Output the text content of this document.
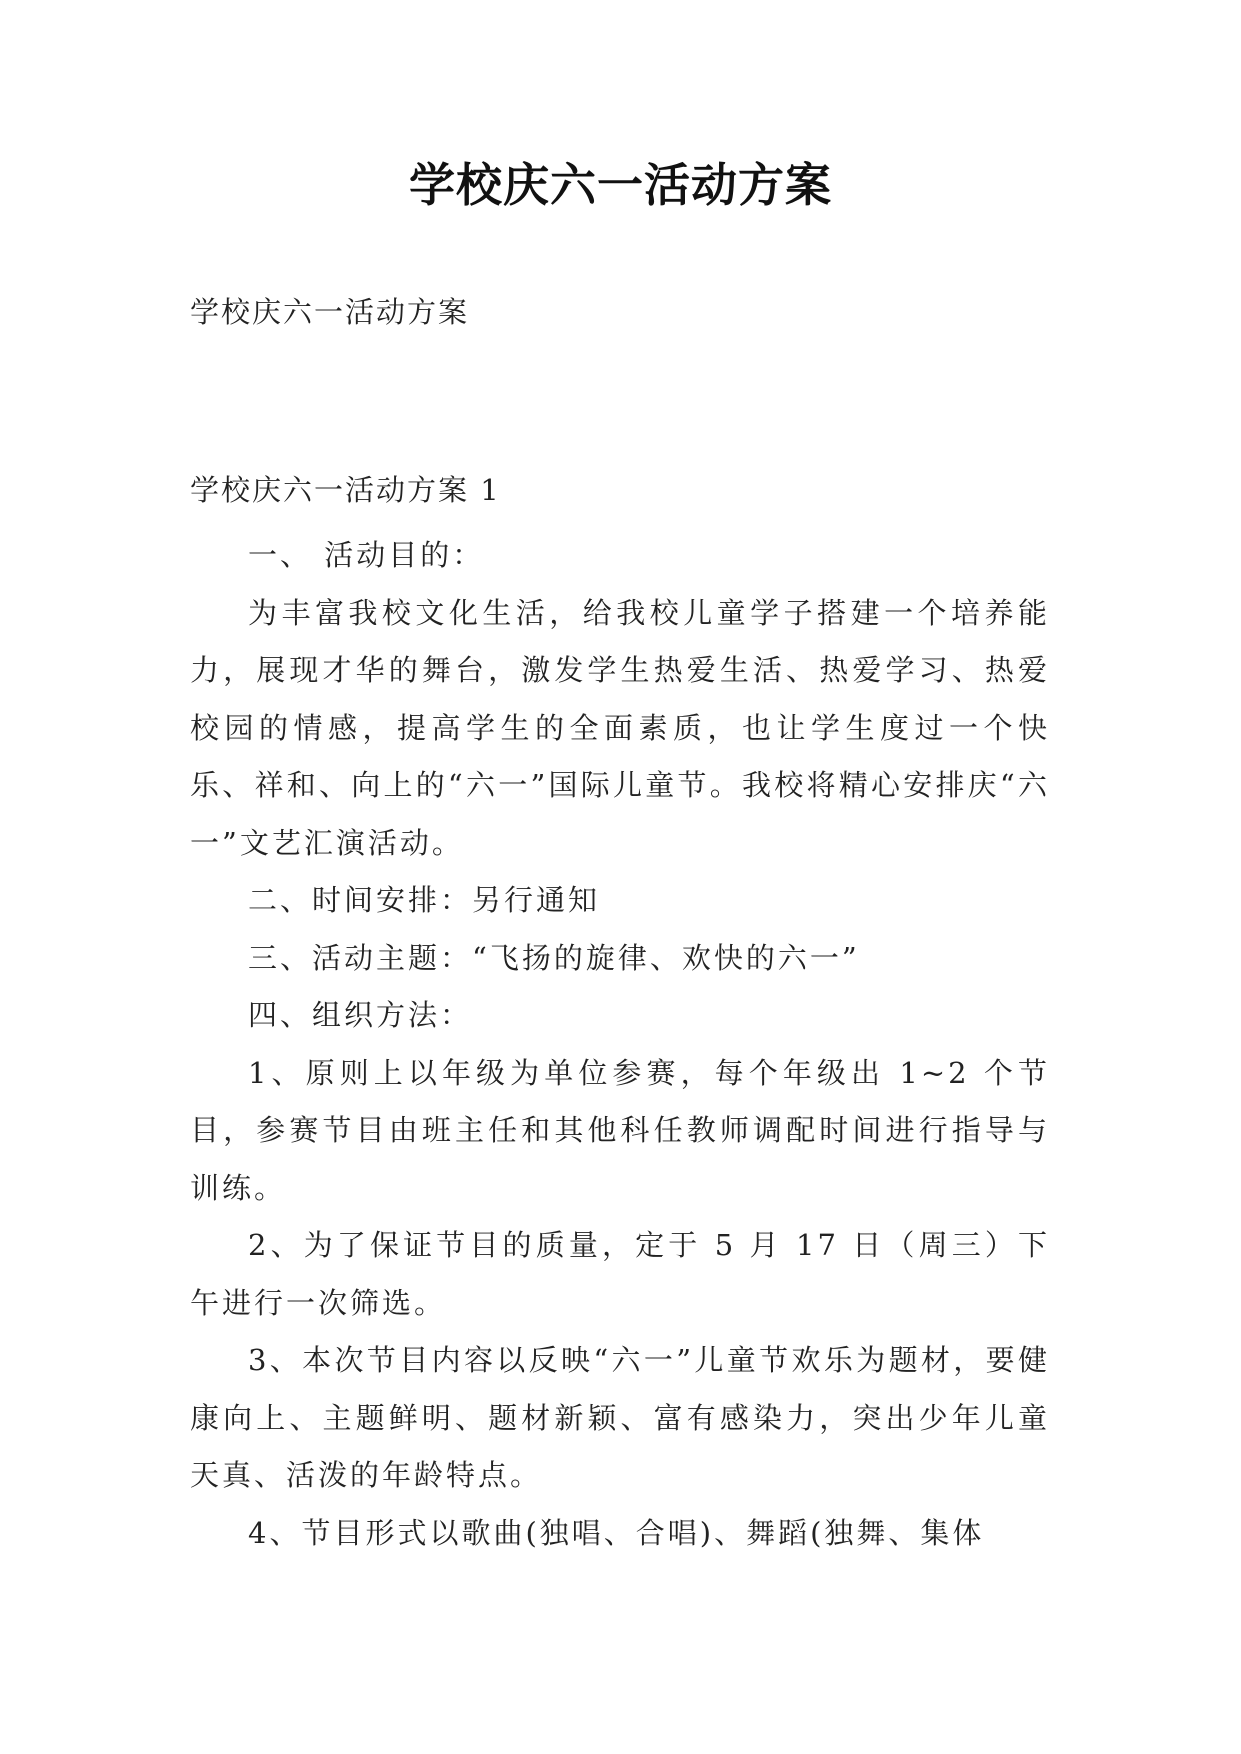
学校庆六一活动方案
学校庆六一活动方案
学校庆六一活动方案 1

一、 活动目的：

为丰富我校文化生活，给我校儿童学子搭建一个培养能力，展现才华的舞台，激发学生热爱生活、热爱学习、热爱校园的情感，提高学生的全面素质，也让学生度过一个快乐、祥和、向上的“六一”国际儿童节。我校将精心安排庆“六一”文艺汇演活动。

二、时间安排：另行通知

三、活动主题：“飞扬的旋律、欢快的六一”

四、组织方法：

1、原则上以年级为单位参赛，每个年级出 1~2 个节目，参赛节目由班主任和其他科任教师调配时间进行指导与训练。

2、为了保证节目的质量，定于 5 月 17 日（周三）下午进行一次筛选。

3、本次节目内容以反映“六一”儿童节欢乐为题材，要健康向上、主题鲜明、题材新颖、富有感染力，突出少年儿童天真、活泼的年龄特点。

4、节目形式以歌曲(独唱、合唱)、舞蹈(独舞、集体
